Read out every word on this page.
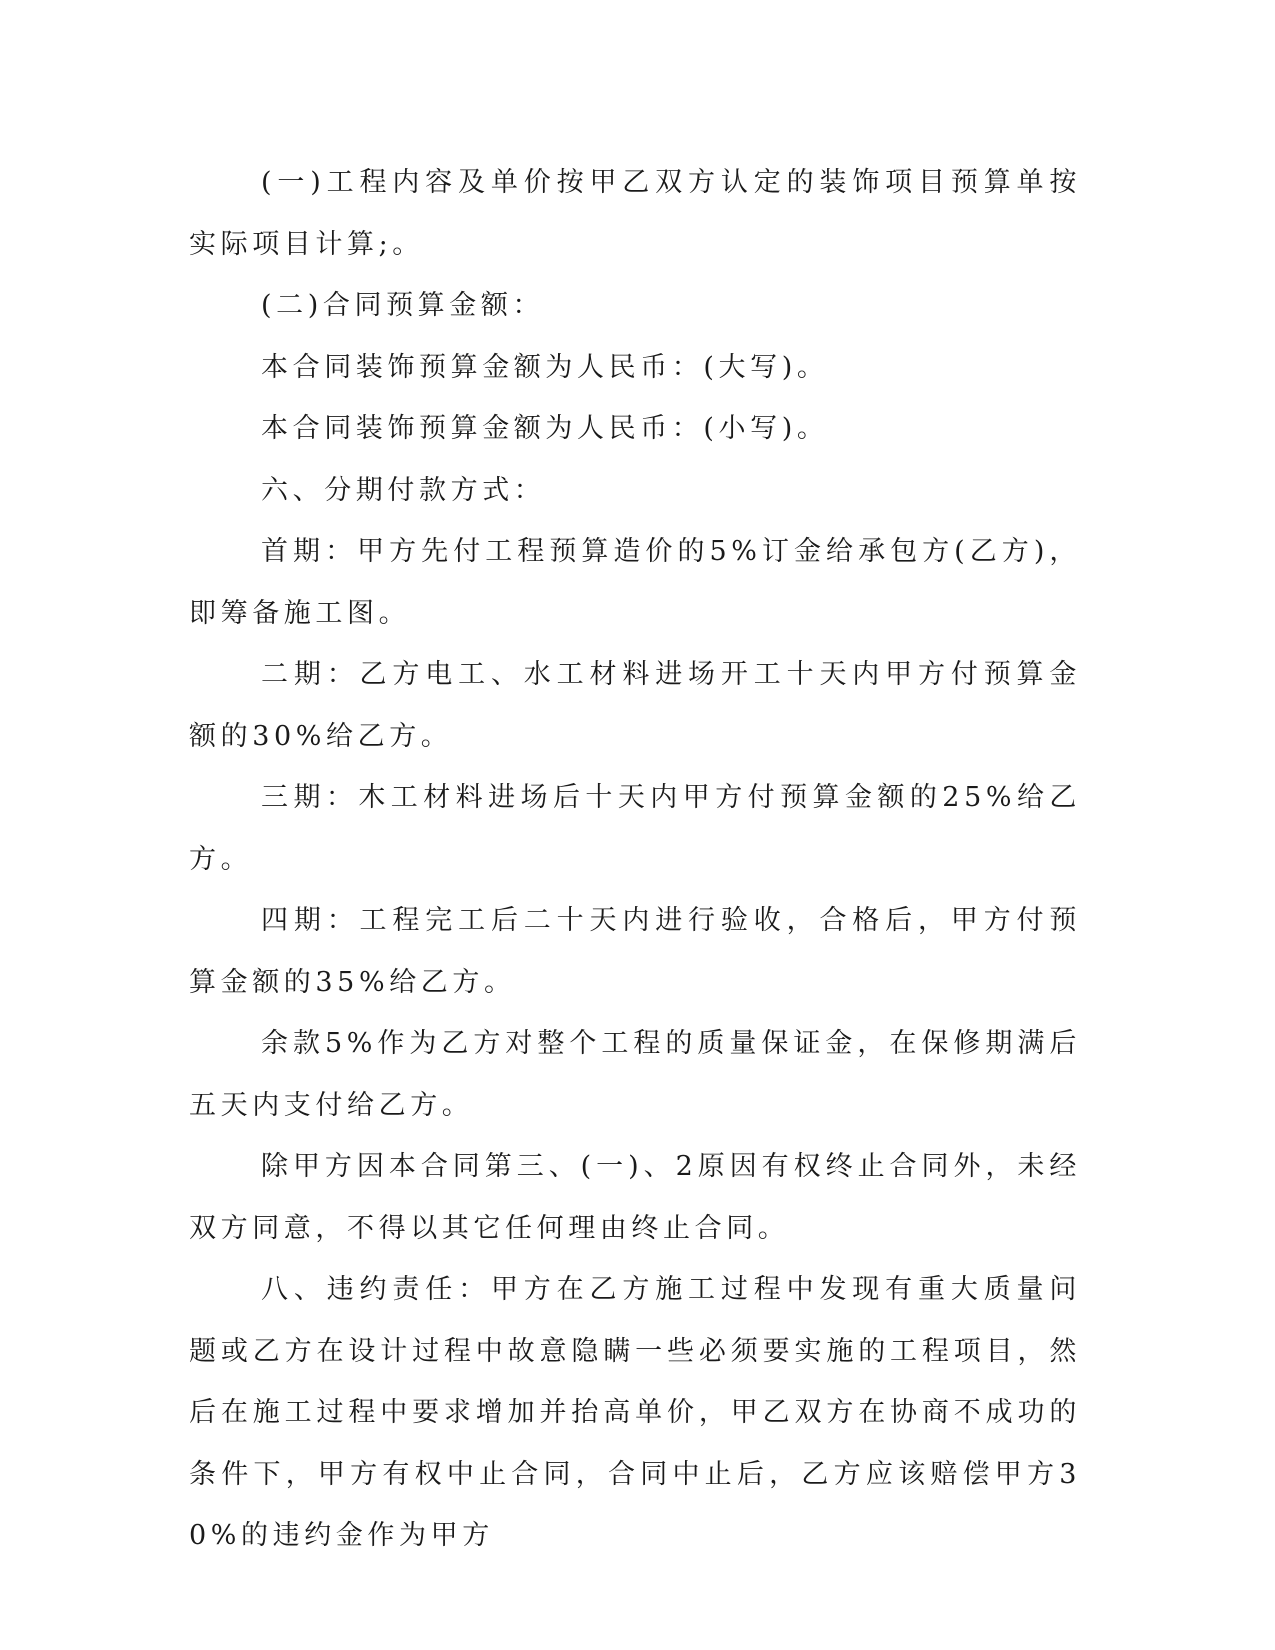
(一)工程内容及单价按甲乙双方认定的装饰项目预算单按实际项目计算;。

(二)合同预算金额：

本合同装饰预算金额为人民币：(大写)。

本合同装饰预算金额为人民币：(小写)。

六、分期付款方式：

首期：甲方先付工程预算造价的5%订金给承包方(乙方)，即筹备施工图。

二期：乙方电工、水工材料进场开工十天内甲方付预算金额的30%给乙方。

三期：木工材料进场后十天内甲方付预算金额的25%给乙方。

四期：工程完工后二十天内进行验收，合格后，甲方付预算金额的35%给乙方。

余款5%作为乙方对整个工程的质量保证金，在保修期满后五天内支付给乙方。

除甲方因本合同第三、(一)、2原因有权终止合同外，未经双方同意，不得以其它任何理由终止合同。

八、违约责任：甲方在乙方施工过程中发现有重大质量问题或乙方在设计过程中故意隐瞒一些必须要实施的工程项目，然后在施工过程中要求增加并抬高单价，甲乙双方在协商不成功的条件下，甲方有权中止合同，合同中止后，乙方应该赔偿甲方30%的违约金作为甲方
